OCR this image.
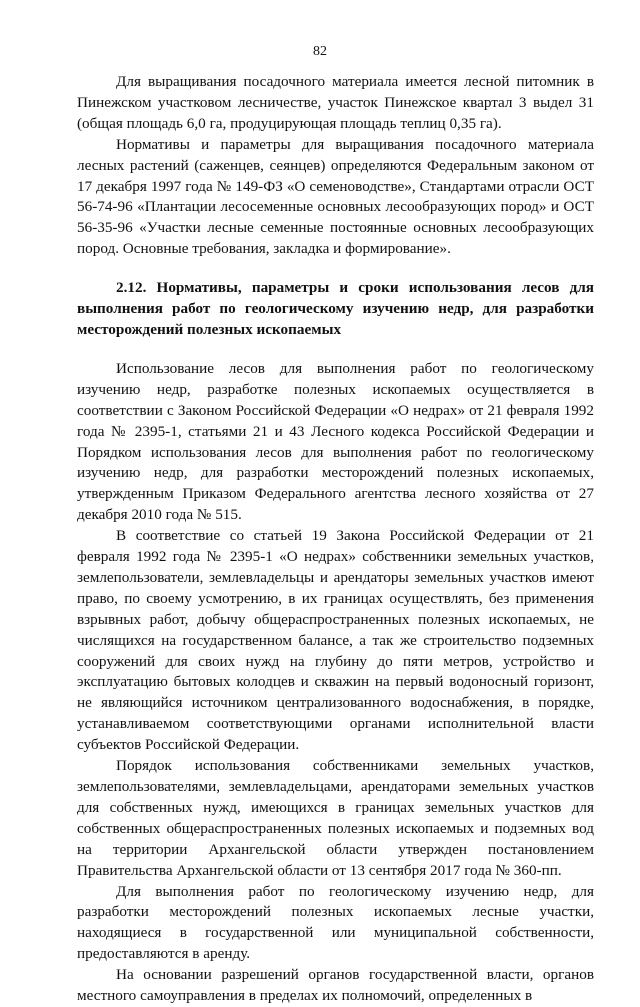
82

Для выращивания посадочного материала имеется лесной питомник в Пинежском участковом лесничестве, участок Пинежское квартал 3 выдел 31 (общая площадь 6,0 га, продуцирующая площадь теплиц 0,35 га).

Нормативы и параметры для выращивания посадочного материала лесных растений (саженцев, сеянцев) определяются Федеральным законом от 17 декабря 1997 года № 149-ФЗ «О семеноводстве», Стандартами отрасли ОСТ 56-74-96 «Плантации лесосеменные основных лесообразующих пород» и ОСТ 56-35-96 «Участки лесные семенные постоянные основных лесообразующих пород. Основные требования, закладка и формирование».

2.12. Нормативы, параметры и сроки использования лесов для выполнения работ по геологическому изучению недр, для разработки месторождений полезных ископаемых

Использование лесов для выполнения работ по геологическому изучению недр, разработке полезных ископаемых осуществляется в соответствии с Законом Российской Федерации «О недрах» от 21 февраля 1992 года № 2395-1, статьями 21 и 43 Лесного кодекса Российской Федерации и Порядком использования лесов для выполнения работ по геологическому изучению недр, для разработки месторождений полезных ископаемых, утвержденным Приказом Федерального агентства лесного хозяйства от 27 декабря 2010 года № 515.

В соответствие со статьей 19 Закона Российской Федерации от 21 февраля 1992 года № 2395-1 «О недрах» собственники земельных участков, землепользователи, землевладельцы и арендаторы земельных участков имеют право, по своему усмотрению, в их границах осуществлять, без применения взрывных работ, добычу общераспространенных полезных ископаемых, не числящихся на государственном балансе, а так же строительство подземных сооружений для своих нужд на глубину до пяти метров, устройство и эксплуатацию бытовых колодцев и скважин на первый водоносный горизонт, не являющийся источником централизованного водоснабжения, в порядке, устанавливаемом соответствующими органами исполнительной власти субъектов Российской Федерации.

Порядок использования собственниками земельных участков, землепользователями, землевладельцами, арендаторами земельных участков для собственных нужд, имеющихся в границах земельных участков для собственных общераспространенных полезных ископаемых и подземных вод на территории Архангельской области утвержден постановлением Правительства Архангельской области от 13 сентября 2017 года № 360-пп.

Для выполнения работ по геологическому изучению недр, для разработки месторождений полезных ископаемых лесные участки, находящиеся в государственной или муниципальной собственности, предоставляются в аренду.

На основании разрешений органов государственной власти, органов местного самоуправления в пределах их полномочий, определенных в
